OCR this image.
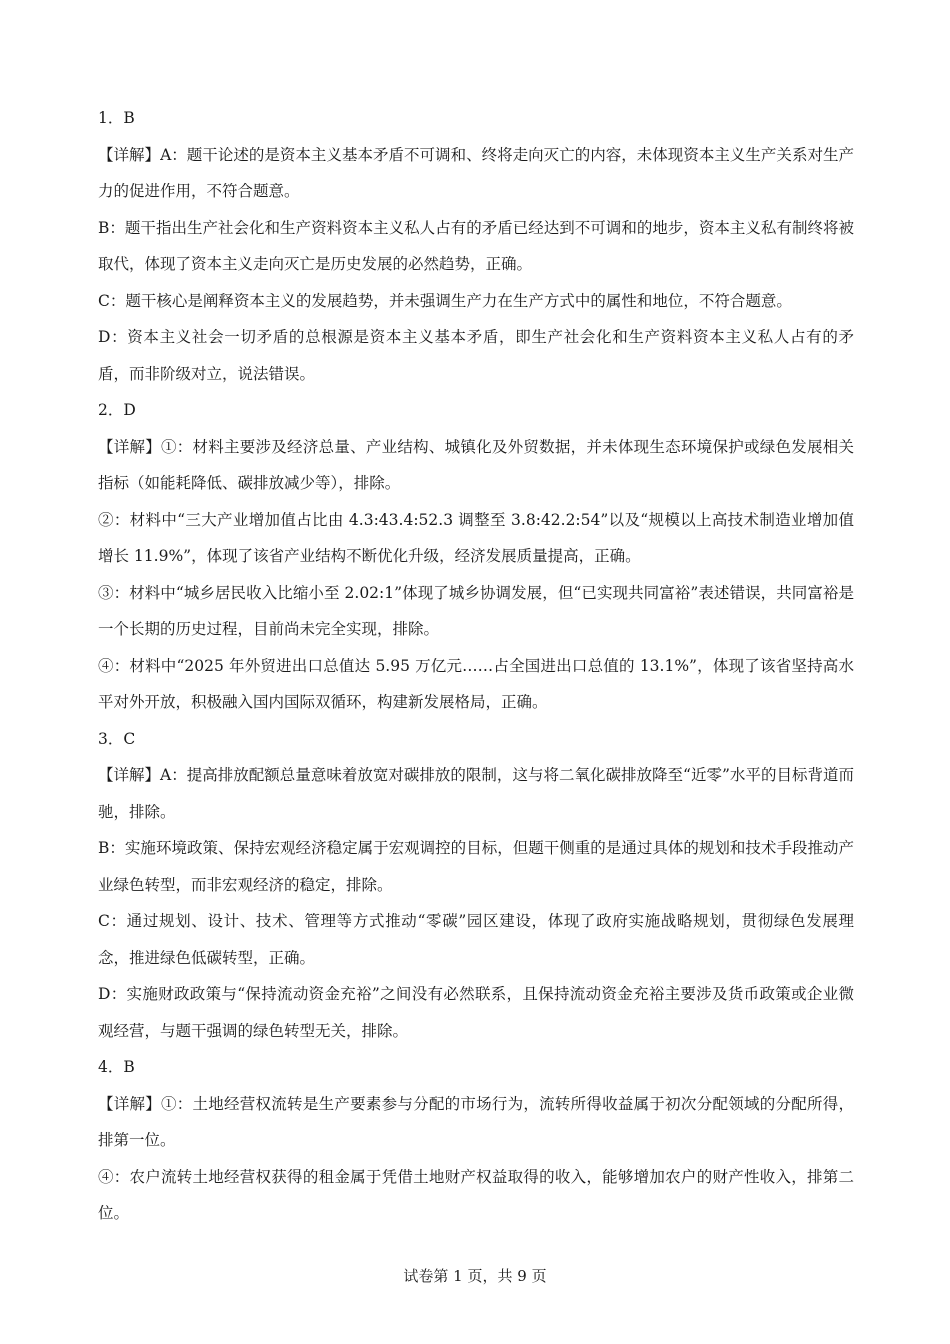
1．B

【详解】A：题干论述的是资本主义基本矛盾不可调和、终将走向灭亡的内容，未体现资本主义生产关系对生产力的促进作用，不符合题意。

B：题干指出生产社会化和生产资料资本主义私人占有的矛盾已经达到不可调和的地步，资本主义私有制终将被取代，体现了资本主义走向灭亡是历史发展的必然趋势，正确。

C：题干核心是阐释资本主义的发展趋势，并未强调生产力在生产方式中的属性和地位，不符合题意。

D：资本主义社会一切矛盾的总根源是资本主义基本矛盾，即生产社会化和生产资料资本主义私人占有的矛盾，而非阶级对立，说法错误。

2．D

【详解】①：材料主要涉及经济总量、产业结构、城镇化及外贸数据，并未体现生态环境保护或绿色发展相关指标（如能耗降低、碳排放减少等），排除。

②：材料中“三大产业增加值占比由 4.3:43.4:52.3 调整至 3.8:42.2:54”以及“规模以上高技术制造业增加值增长 11.9%”，体现了该省产业结构不断优化升级，经济发展质量提高，正确。

③：材料中“城乡居民收入比缩小至 2.02:1”体现了城乡协调发展，但“已实现共同富裕”表述错误，共同富裕是一个长期的历史过程，目前尚未完全实现，排除。

④：材料中“2025 年外贸进出口总值达 5.95 万亿元……占全国进出口总值的 13.1%”，体现了该省坚持高水平对外开放，积极融入国内国际双循环，构建新发展格局，正确。

3．C

【详解】A：提高排放配额总量意味着放宽对碳排放的限制，这与将二氧化碳排放降至“近零”水平的目标背道而驰，排除。

B：实施环境政策、保持宏观经济稳定属于宏观调控的目标，但题干侧重的是通过具体的规划和技术手段推动产业绿色转型，而非宏观经济的稳定，排除。

C：通过规划、设计、技术、管理等方式推动“零碳”园区建设，体现了政府实施战略规划，贯彻绿色发展理念，推进绿色低碳转型，正确。

D：实施财政政策与“保持流动资金充裕”之间没有必然联系，且保持流动资金充裕主要涉及货币政策或企业微观经营，与题干强调的绿色转型无关，排除。

4．B

【详解】①：土地经营权流转是生产要素参与分配的市场行为，流转所得收益属于初次分配领域的分配所得，排第一位。

④：农户流转土地经营权获得的租金属于凭借土地财产权益取得的收入，能够增加农户的财产性收入，排第二位。

试卷第 1 页，共 9 页
